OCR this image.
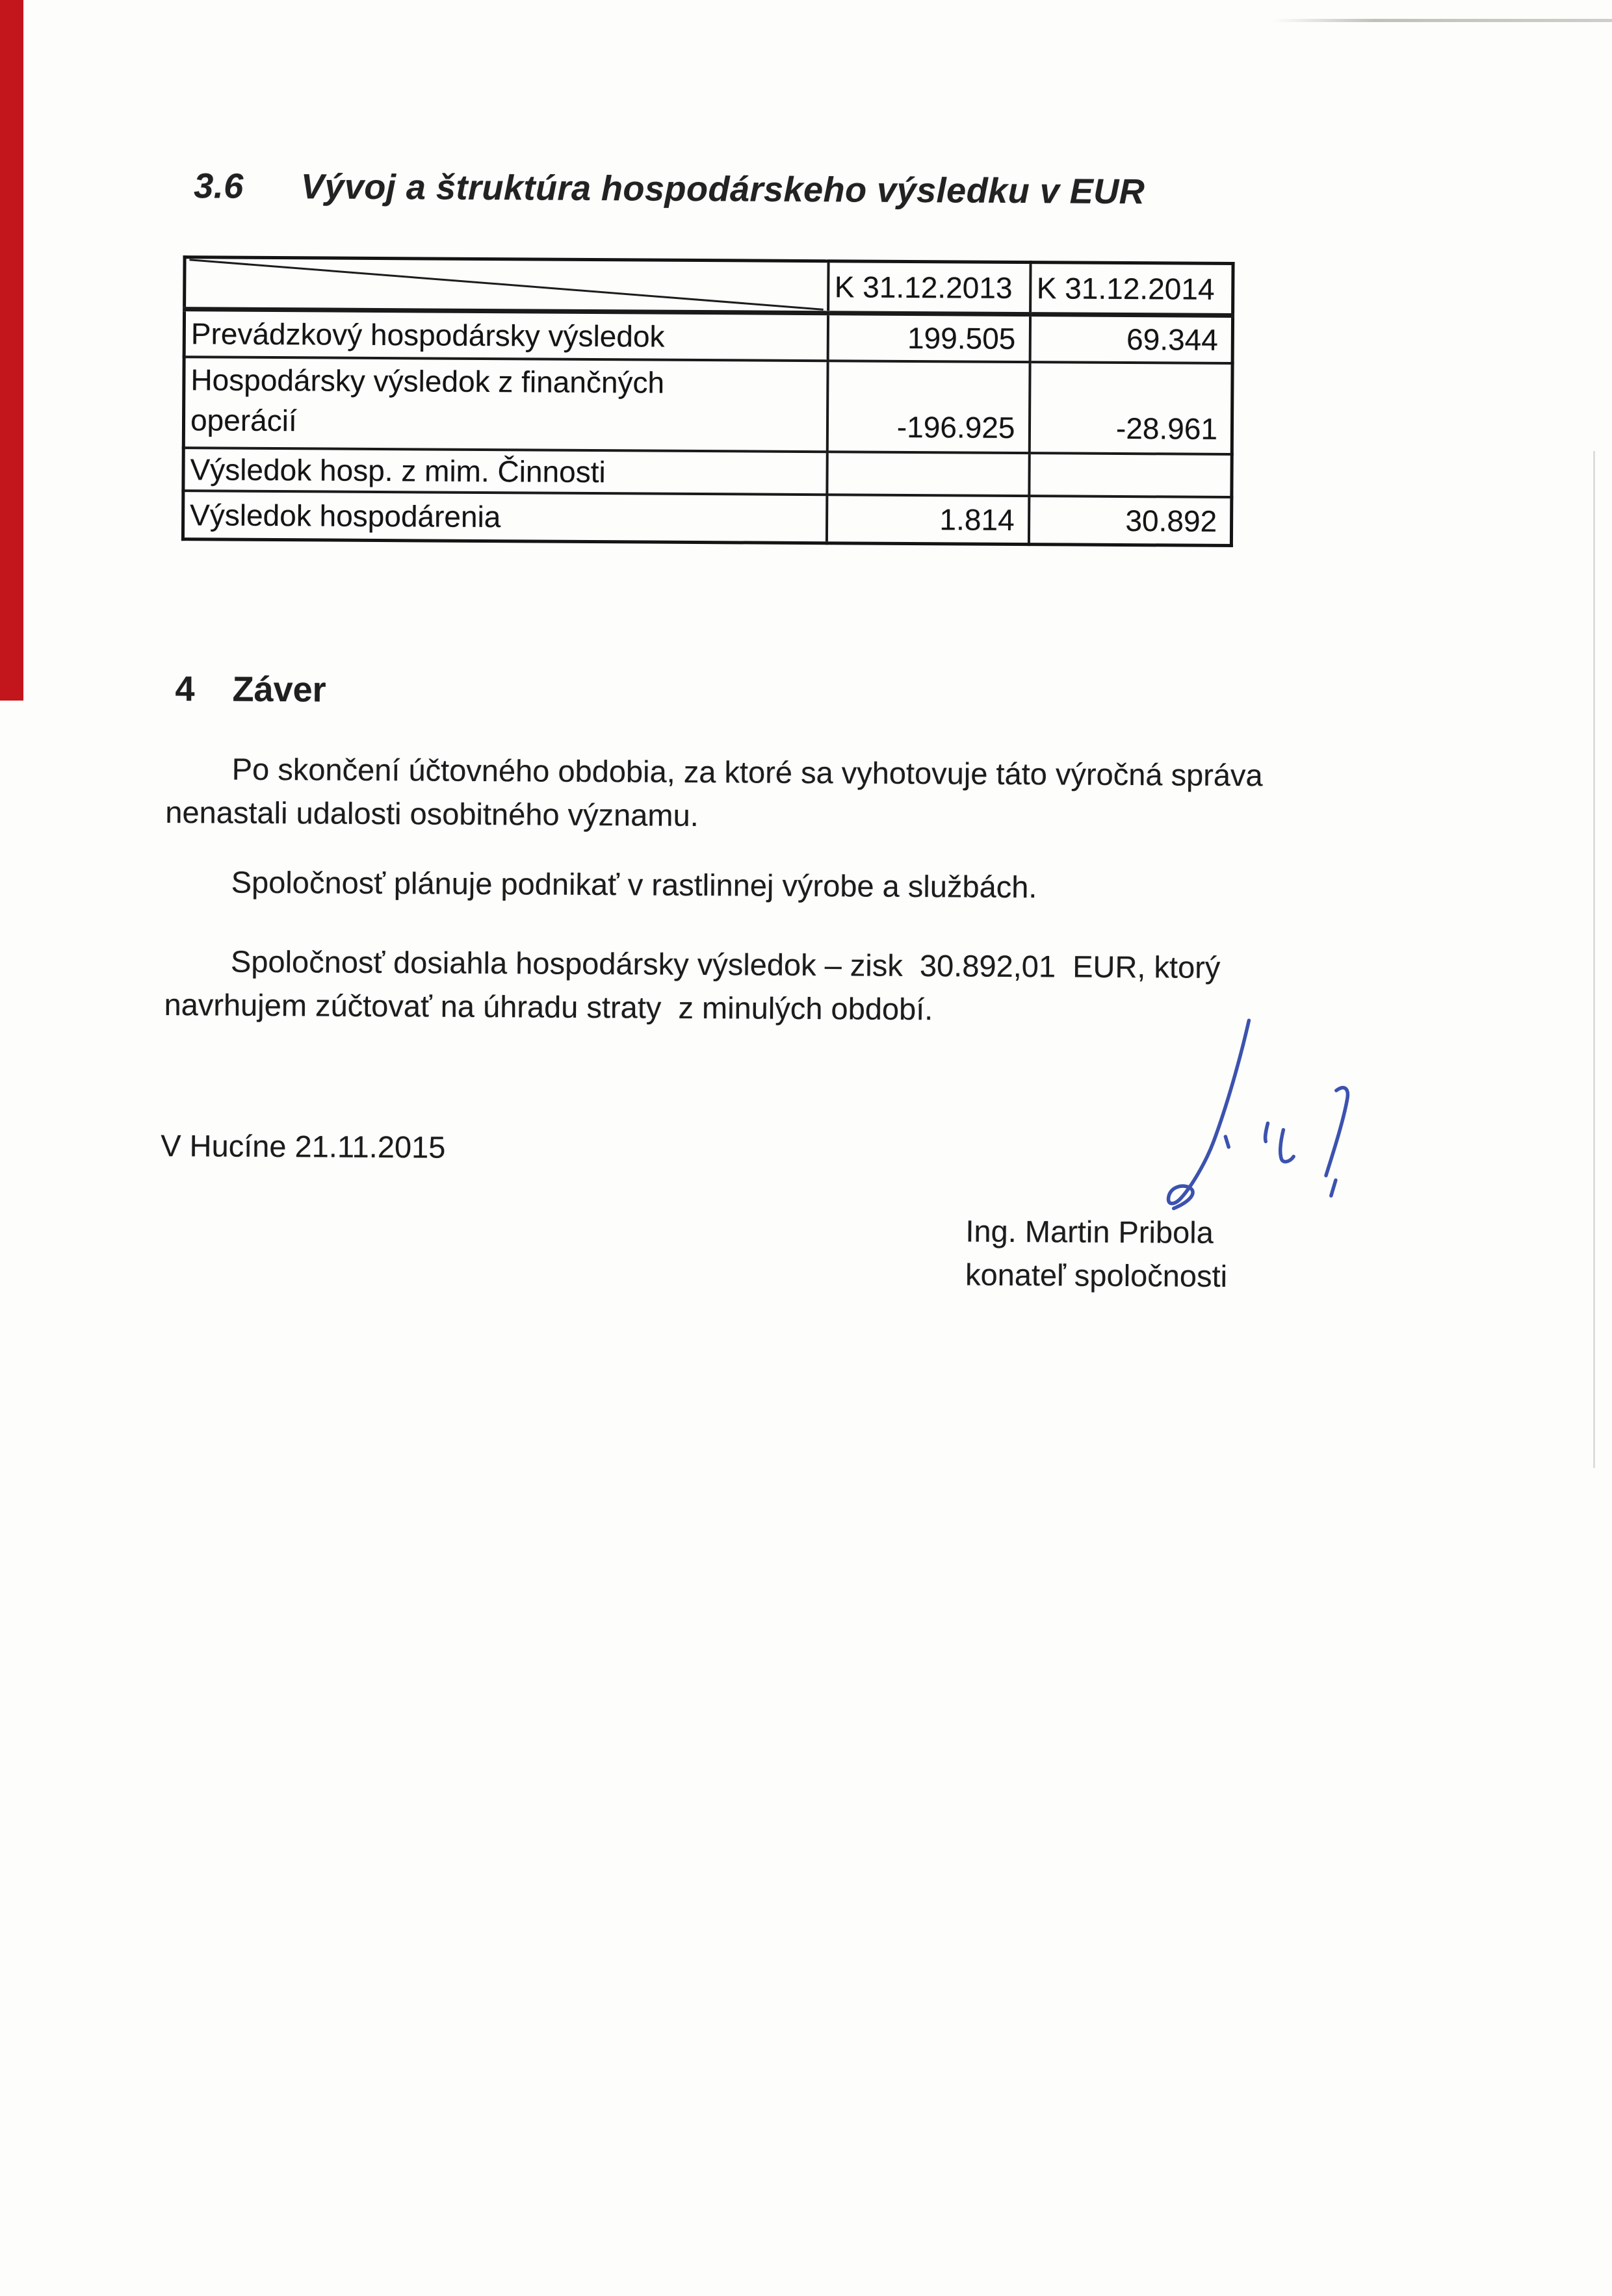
3.6 Vývoj a štruktúra hospodárskeho výsledku v EUR
	K 31.12.2013	K 31.12.2014
Prevádzkový hospodársky výsledok	199.505	69.344

Hospodársky výsledok z finančných
operácií	-196.925	-28.961
Výsledok hosp. z mim. Činnosti		
Výsledok hospodárenia	1.814	30.892
4 Záver
Po skončení účtovného obdobia, za ktoré sa vyhotovuje táto výročná správa
nenastali udalosti osobitného významu.
Spoločnosť plánuje podnikať v rastlinnej výrobe a službách.
Spoločnosť dosiahla hospodársky výsledok – zisk  30.892,01  EUR, ktorý
navrhujem zúčtovať na úhradu straty  z minulých období.
V Hucíne 21.11.2015
Ing. Martin Pribola
konateľ spoločnosti
